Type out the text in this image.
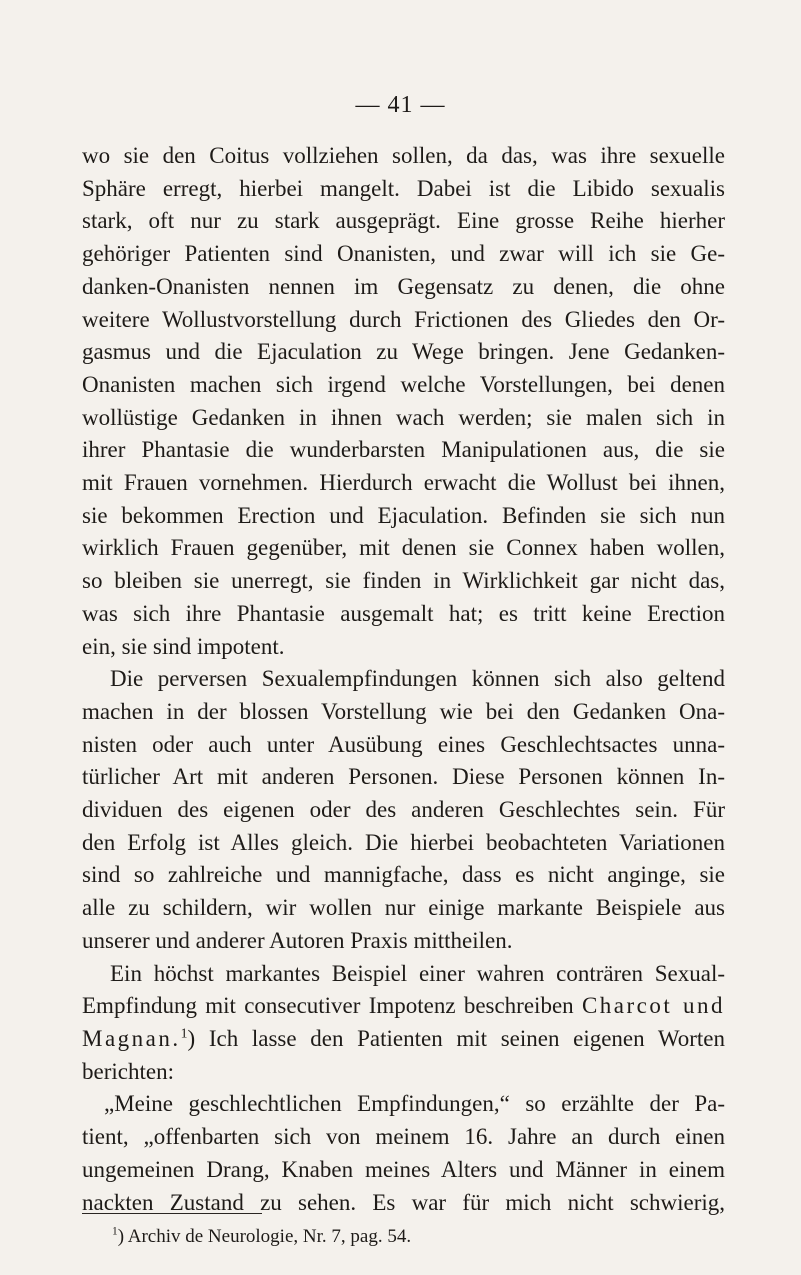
— 41 —
wo sie den Coitus vollziehen sollen, da das, was ihre sexuelle
Sphäre erregt, hierbei mangelt. Dabei ist die Libido sexualis
stark, oft nur zu stark ausgeprägt. Eine grosse Reihe hierher
gehöriger Patienten sind Onanisten, und zwar will ich sie Ge-
danken-Onanisten nennen im Gegensatz zu denen, die ohne
weitere Wollustvorstellung durch Frictionen des Gliedes den Or-
gasmus und die Ejaculation zu Wege bringen. Jene Gedanken-
Onanisten machen sich irgend welche Vorstellungen, bei denen
wollüstige Gedanken in ihnen wach werden; sie malen sich in
ihrer Phantasie die wunderbarsten Manipulationen aus, die sie
mit Frauen vornehmen. Hierdurch erwacht die Wollust bei ihnen,
sie bekommen Erection und Ejaculation. Befinden sie sich nun
wirklich Frauen gegenüber, mit denen sie Connex haben wollen,
so bleiben sie unerregt, sie finden in Wirklichkeit gar nicht das,
was sich ihre Phantasie ausgemalt hat; es tritt keine Erection
ein, sie sind impotent.
Die perversen Sexualempfindungen können sich also geltend
machen in der blossen Vorstellung wie bei den Gedanken Ona-
nisten oder auch unter Ausübung eines Geschlechtsactes unna-
türlicher Art mit anderen Personen. Diese Personen können In-
dividuen des eigenen oder des anderen Geschlechtes sein. Für
den Erfolg ist Alles gleich. Die hierbei beobachteten Variationen
sind so zahlreiche und mannigfache, dass es nicht anginge, sie
alle zu schildern, wir wollen nur einige markante Beispiele aus
unserer und anderer Autoren Praxis mittheilen.
Ein höchst markantes Beispiel einer wahren conträren Sexual-
Empfindung mit consecutiver Impotenz beschreiben Charcot und
Magnan.$^1$) Ich lasse den Patienten mit seinen eigenen Worten
berichten:
„Meine geschlechtlichen Empfindungen,“ so erzählte der Pa-
tient, „offenbarten sich von meinem 16. Jahre an durch einen
ungemeinen Drang, Knaben meines Alters und Männer in einem
nackten Zustand zu sehen. Es war für mich nicht schwierig,
$^1$) Archiv de Neurologie, Nr. 7, pag. 54.
